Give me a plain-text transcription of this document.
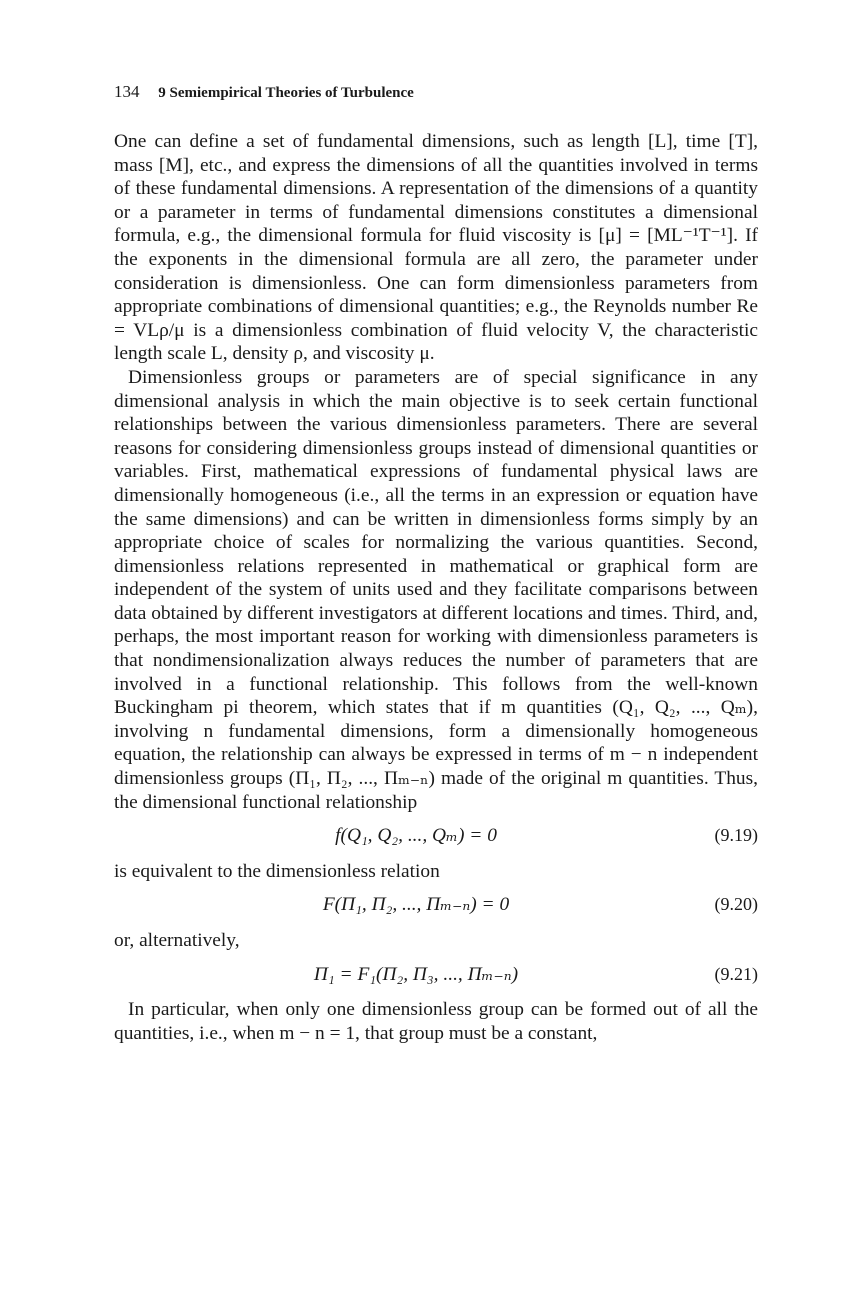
134 9 Semiempirical Theories of Turbulence

One can define a set of fundamental dimensions, such as length [L], time [T], mass [M], etc., and express the dimensions of all the quantities involved in terms of these fundamental dimensions. A representation of the dimensions of a quantity or a parameter in terms of fundamental dimensions constitutes a dimensional formula, e.g., the dimensional formula for fluid viscosity is [μ] = [ML⁻¹T⁻¹]. If the exponents in the dimensional formula are all zero, the parameter under consideration is dimensionless. One can form dimensionless parameters from appropriate combinations of dimensional quantities; e.g., the Reynolds number Re = VLρ/μ is a dimensionless combination of fluid velocity V, the characteristic length scale L, density ρ, and viscosity μ.

Dimensionless groups or parameters are of special significance in any dimensional analysis in which the main objective is to seek certain functional relationships between the various dimensionless parameters. There are several reasons for considering dimensionless groups instead of dimensional quantities or variables. First, mathematical expressions of fundamental physical laws are dimensionally homogeneous (i.e., all the terms in an expression or equation have the same dimensions) and can be written in dimensionless forms simply by an appropriate choice of scales for normalizing the various quantities. Second, dimensionless relations represented in mathematical or graphical form are independent of the system of units used and they facilitate comparisons between data obtained by different investigators at different locations and times. Third, and, perhaps, the most important reason for working with dimensionless parameters is that nondimensionalization always reduces the number of parameters that are involved in a functional relationship. This follows from the well-known Buckingham pi theorem, which states that if m quantities (Q₁, Q₂, ..., Qₘ), involving n fundamental dimensions, form a dimensionally homogeneous equation, the relationship can always be expressed in terms of m − n independent dimensionless groups (Π₁, Π₂, ..., Πₘ₋ₙ) made of the original m quantities. Thus, the dimensional functional relationship

f(Q₁, Q₂, ..., Qₘ) = 0	(9.19)

is equivalent to the dimensionless relation

F(Π₁, Π₂, ..., Πₘ₋ₙ) = 0	(9.20)

or, alternatively,

Π₁ = F₁(Π₂, Π₃, ..., Πₘ₋ₙ)	(9.21)

In particular, when only one dimensionless group can be formed out of all the quantities, i.e., when m − n = 1, that group must be a constant,
